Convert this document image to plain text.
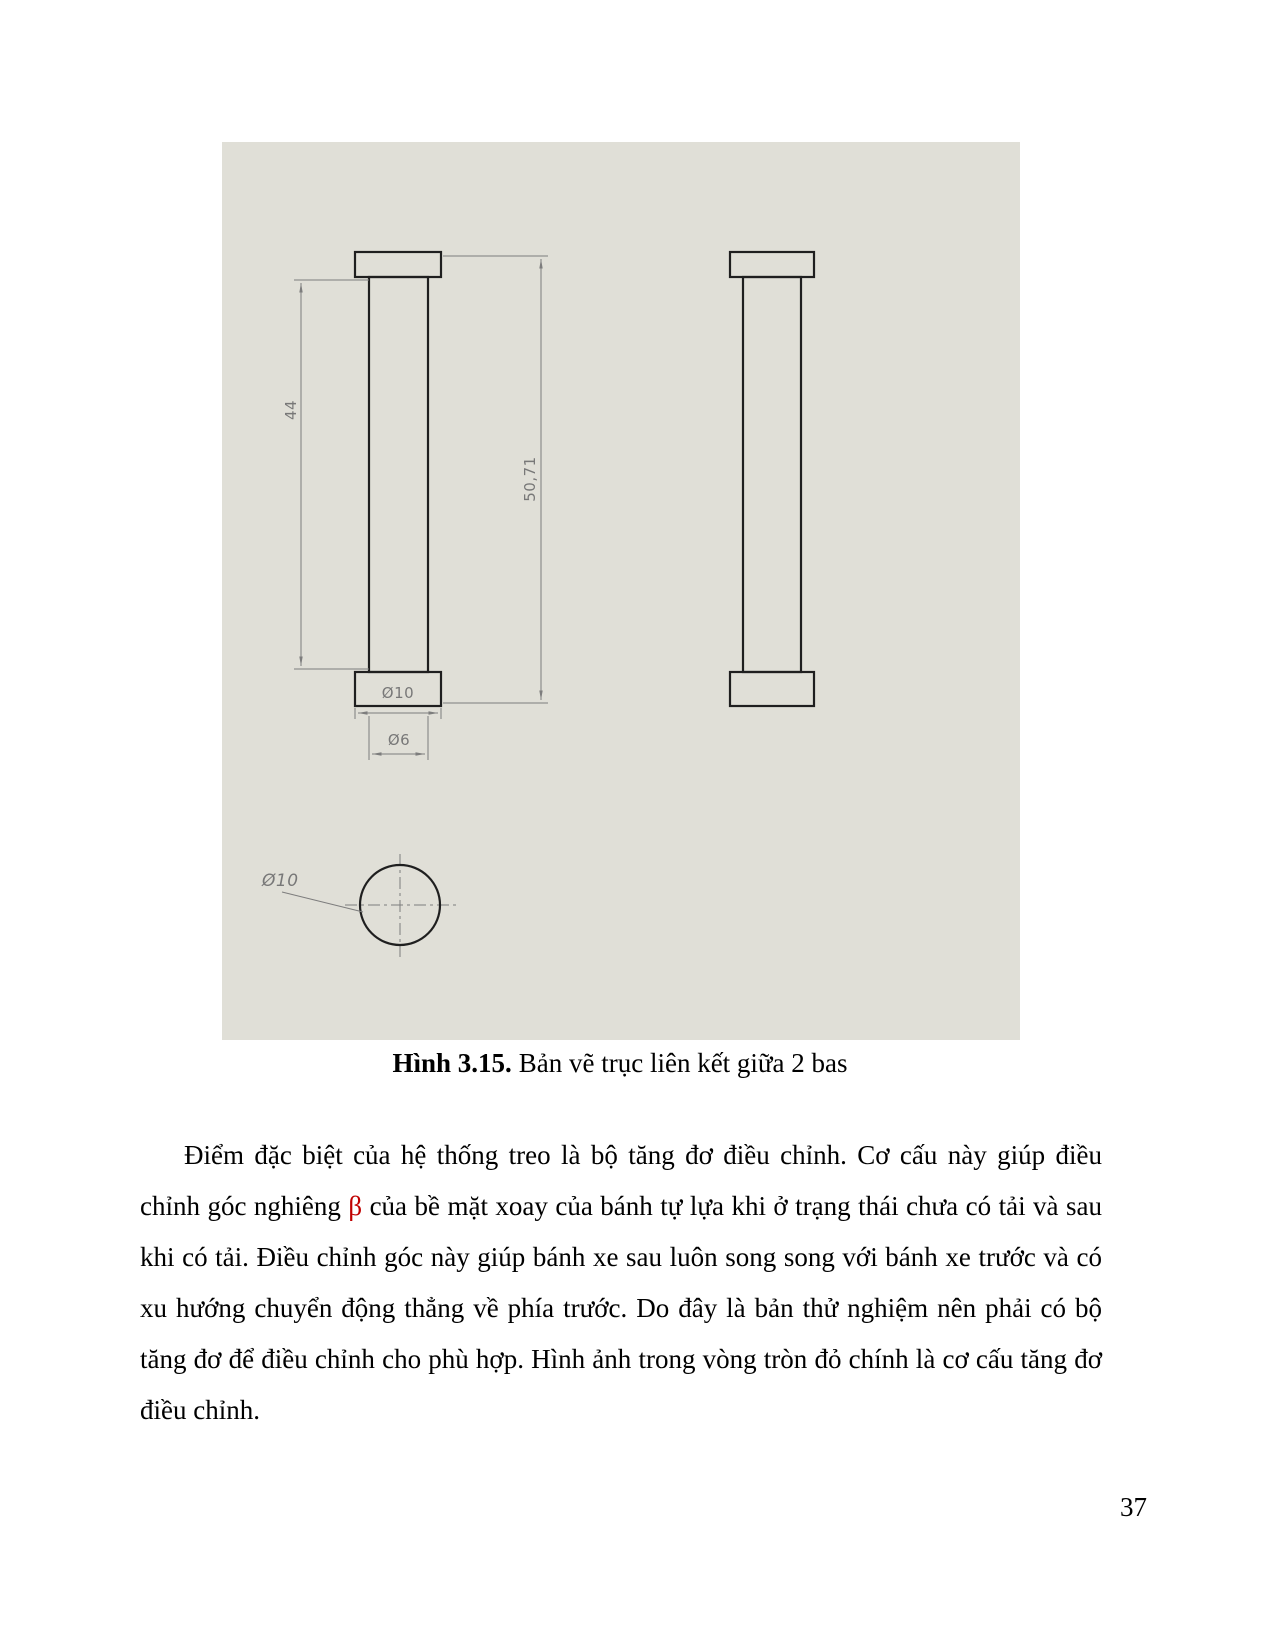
44
50,71
Ø10
Ø6
Ø10
Hình 3.15. Bản vẽ trục liên kết giữa 2 bas

Điểm đặc biệt của hệ thống treo là bộ tăng đơ điều chỉnh. Cơ cấu này giúp điều chỉnh góc nghiêng β của bề mặt xoay của bánh tự lựa khi ở trạng thái chưa có tải và sau khi có tải. Điều chỉnh góc này giúp bánh xe sau luôn song song với bánh xe trước và có xu hướng chuyển động thẳng về phía trước. Do đây là bản thử nghiệm nên phải có bộ tăng đơ để điều chỉnh cho phù hợp. Hình ảnh trong vòng tròn đỏ chính là cơ cấu tăng đơ điều chỉnh.

37
